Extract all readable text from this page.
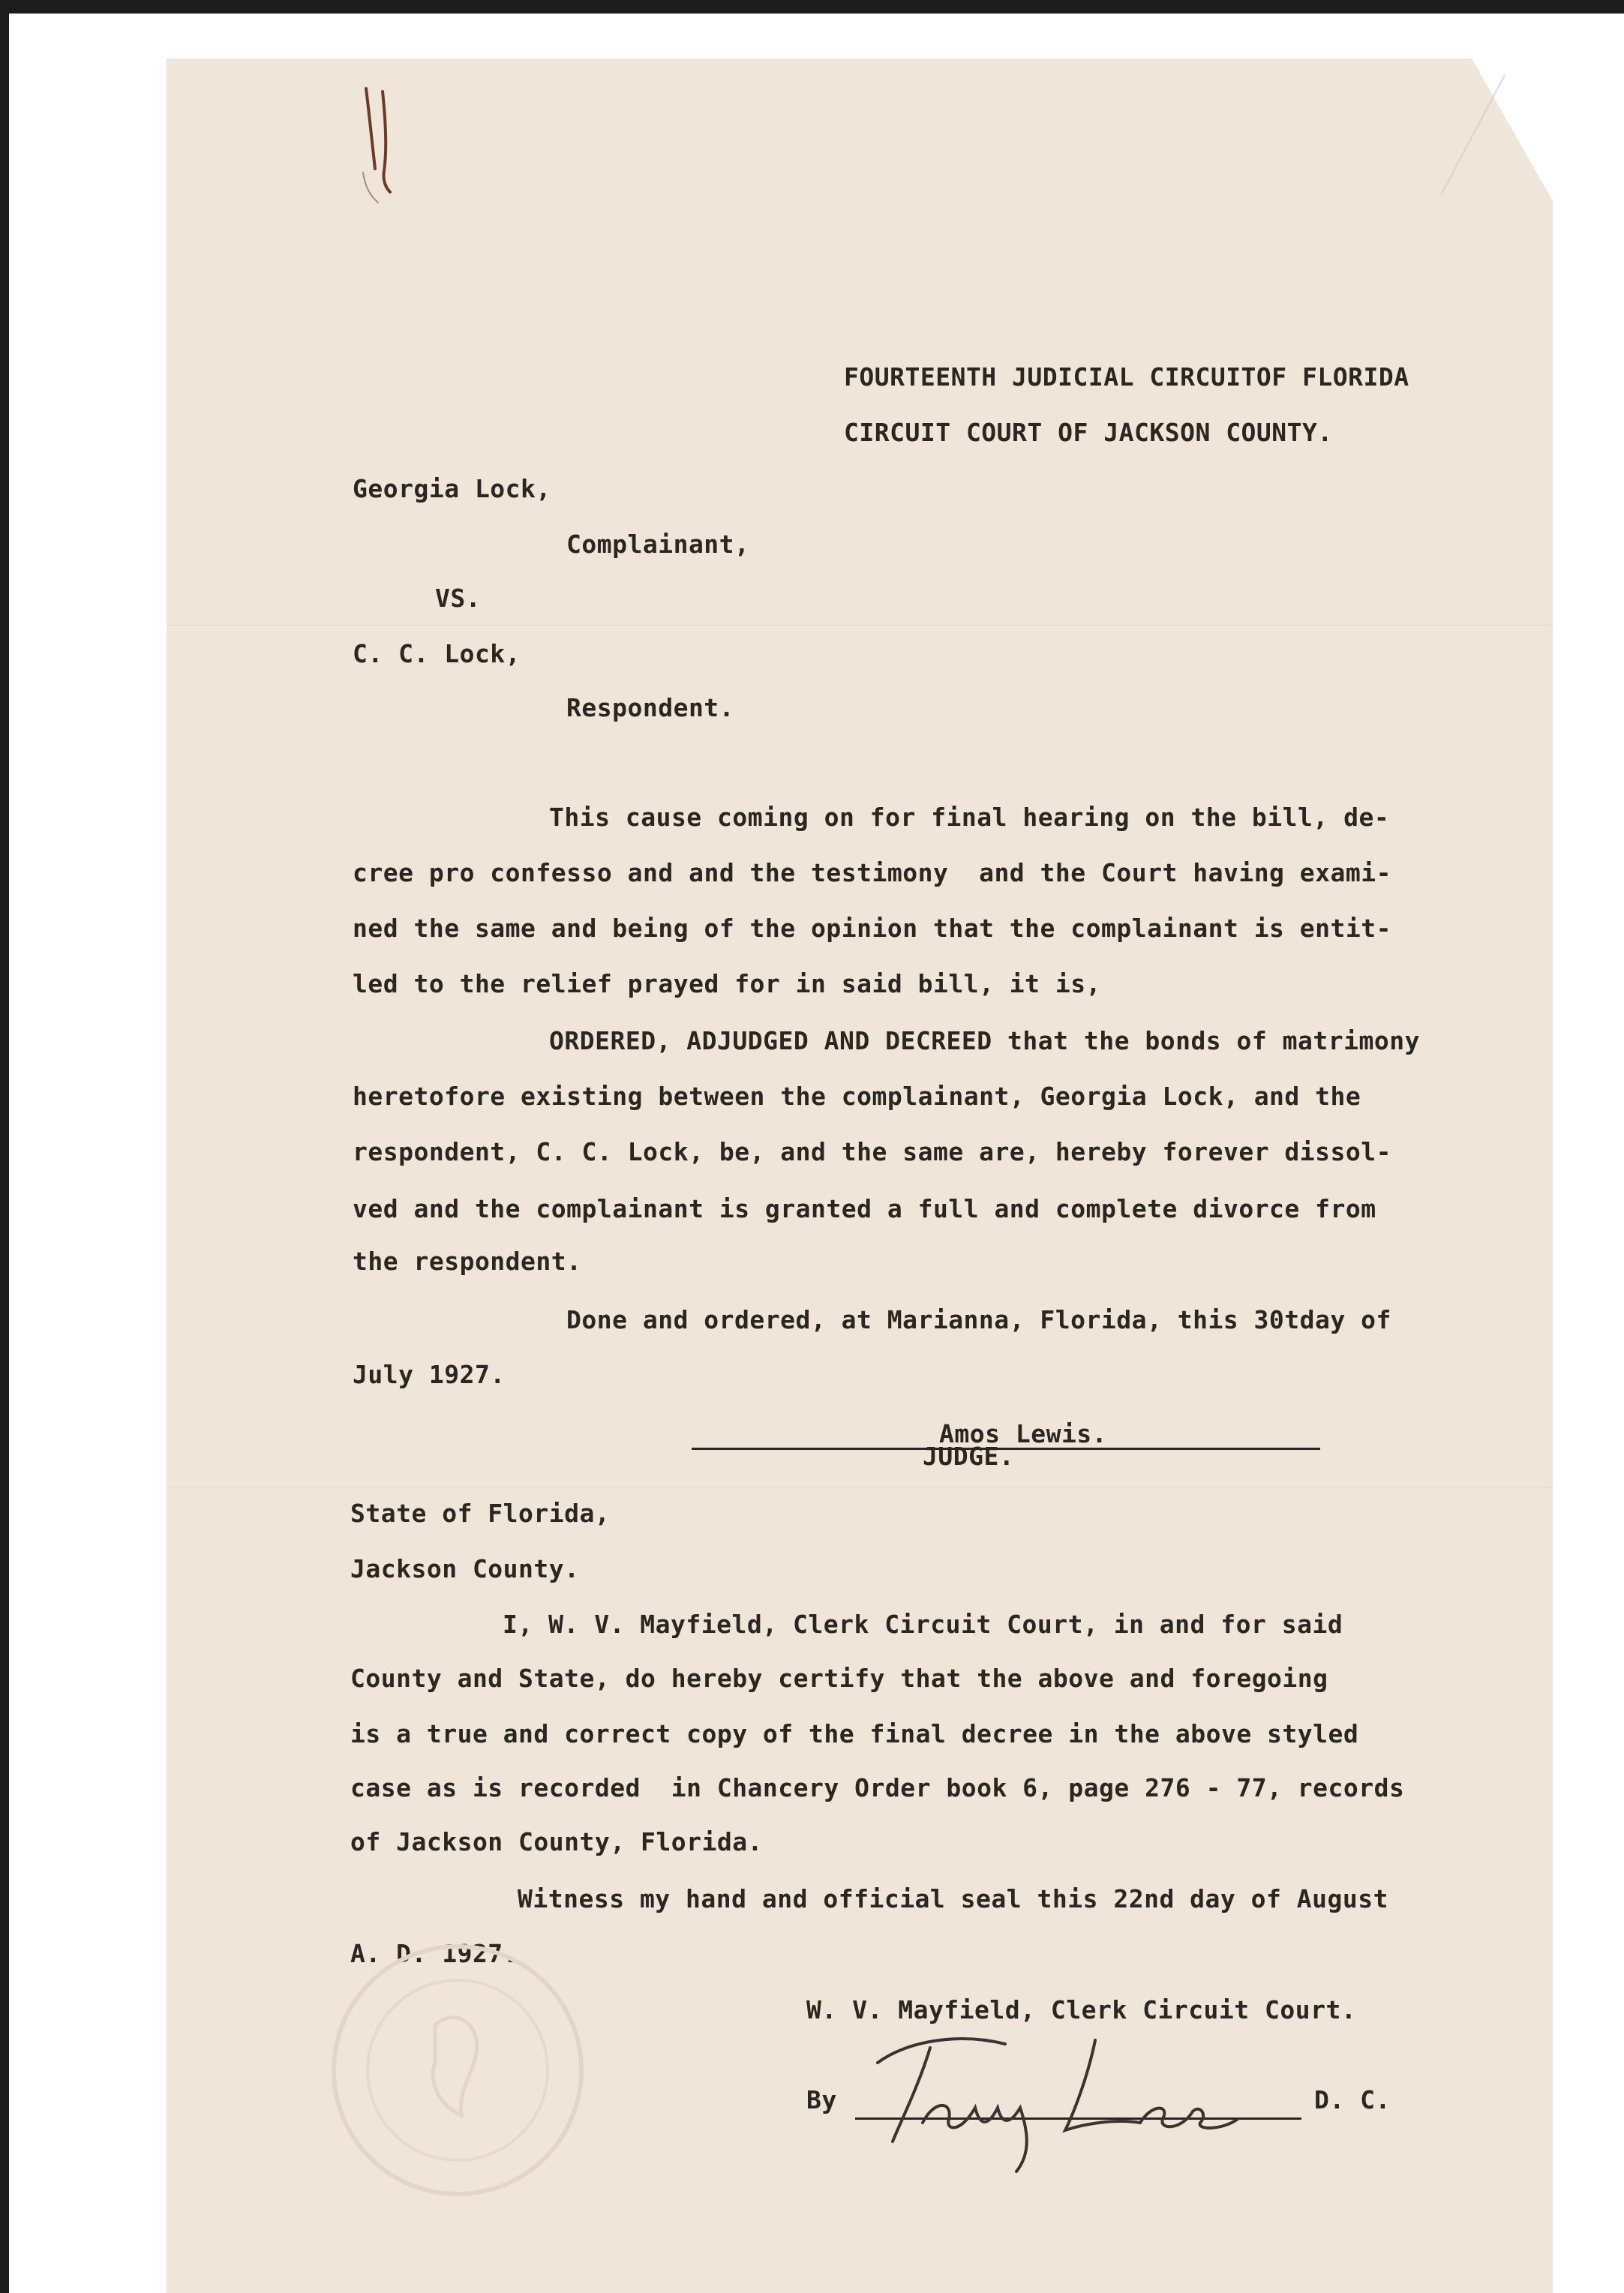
FOURTEENTH JUDICIAL CIRCUITOF FLORIDA

CIRCUIT COURT OF JACKSON COUNTY.

Georgia Lock,

Complainant,

VS.

C. C. Lock,

Respondent.

This cause coming on for final hearing on the bill, de-

cree pro confesso and and the testimony  and the Court having exami-

ned the same and being of the opinion that the complainant is entit-

led to the relief prayed for in said bill, it is,

ORDERED, ADJUDGED AND DECREED that the bonds of matrimony

heretofore existing between the complainant, Georgia Lock, and the

respondent, C. C. Lock, be, and the same are, hereby forever dissol-

ved and the complainant is granted a full and complete divorce from

the respondent.

Done and ordered, at Marianna, Florida, this 30tday of

July 1927.

Amos Lewis.

JUDGE.

State of Florida,

Jackson County.

I, W. V. Mayfield, Clerk Circuit Court, in and for said

County and State, do hereby certify that the above and foregoing

is a true and correct copy of the final decree in the above styled

case as is recorded  in Chancery Order book 6, page 276 - 77, records

of Jackson County, Florida.

Witness my hand and official seal this 22nd day of August

A. D. 1927.

W. V. Mayfield, Clerk Circuit Court.

By	D. C.
